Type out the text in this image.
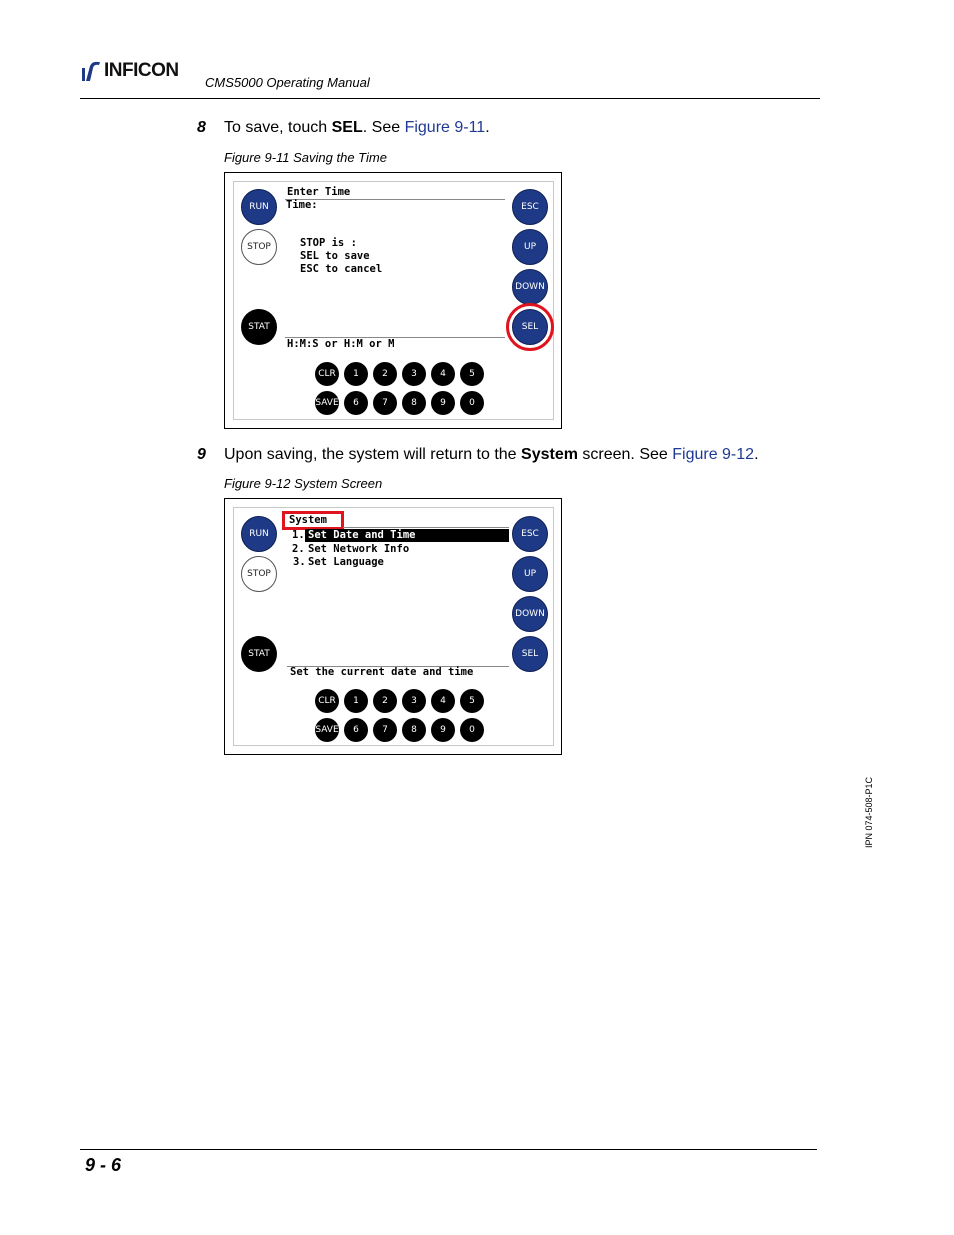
INFICON
CMS5000 Operating Manual
8 To save, touch SEL. See Figure 9-11.
Figure 9-11 Saving the Time
RUN
STOP
STAT
ESC
UP
DOWN
SEL
Enter Time
Time:
STOP is :
SEL to save
ESC to cancel
H:M:S or H:M or M
CLR	1	2	3	4	5
SAVE	6	7	8	9	0
9 Upon saving, the system will return to the System screen. See Figure 9-12.
Figure 9-12 System Screen
RUN
STOP
STAT
ESC
UP
DOWN
SEL
System
1. Set Date and Time
2. Set Network Info
3. Set Language
Set the current date and time
CLR	1	2	3	4	5
SAVE	6	7	8	9	0
IPN 074-508-P1C
9 - 6
